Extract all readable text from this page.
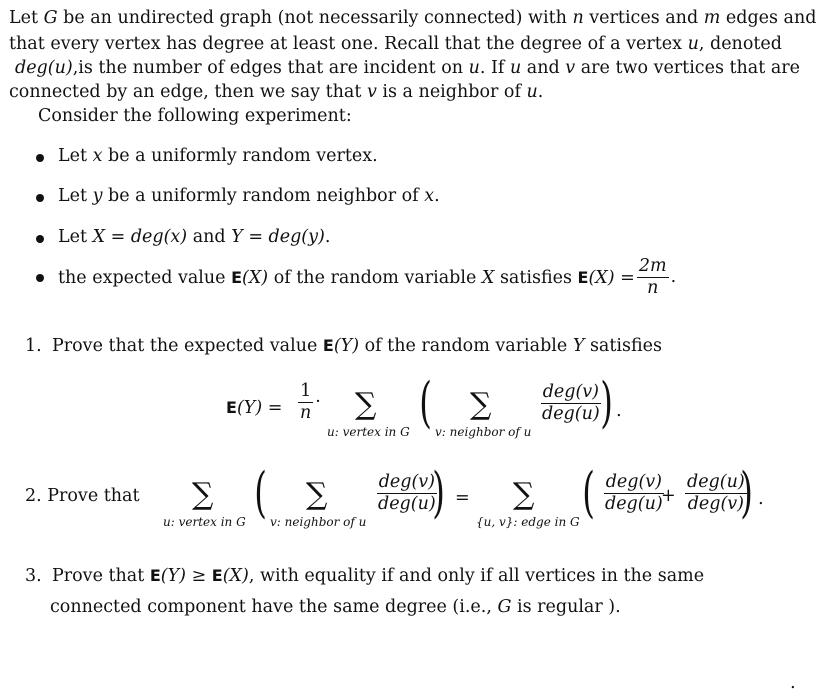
Let G be an undirected graph (not necessarily connected) with n vertices and m edges and
that every vertex has degree at least one. Recall that the degree of a vertex u, denoted
deg(u),is the number of edges that are incident on u. If u and v are two vertices that are
connected by an edge, then we say that v is a neighbor of u.
Consider the following experiment:
Let x be a uniformly random vertex.
Let y be a uniformly random neighbor of x.
Let X = deg(x) and Y = deg(y).
the expected value E(X) of the random variable X satisfies $E(X) = \frac{2m}{n}$ .
1. Prove that the expected value E(Y) of the random variable Y satisfies
$E(Y) = \frac{1}{n}$ · ∑
u: vertex in G ( ∑
v: neighbor of u
$\frac{\text{deg(v)}}{\text{deg(u)}}$
) .
2. Prove that ∑
u: vertex in G ( ∑
v: neighbor of u
$\frac{\text{deg(v)}}{\text{deg(u)}}$
) = ∑
{u, v}: edge in G ( $\frac{\text{deg(v)}}{\text{deg(u)}}$
+ $\frac{\text{deg(u)}}{\text{deg(v)}}$
) .
3. Prove that E(Y) ≥ E(X), with equality if and only if all vertices in the same
connected component have the same degree (i.e., G is regular ).
.
